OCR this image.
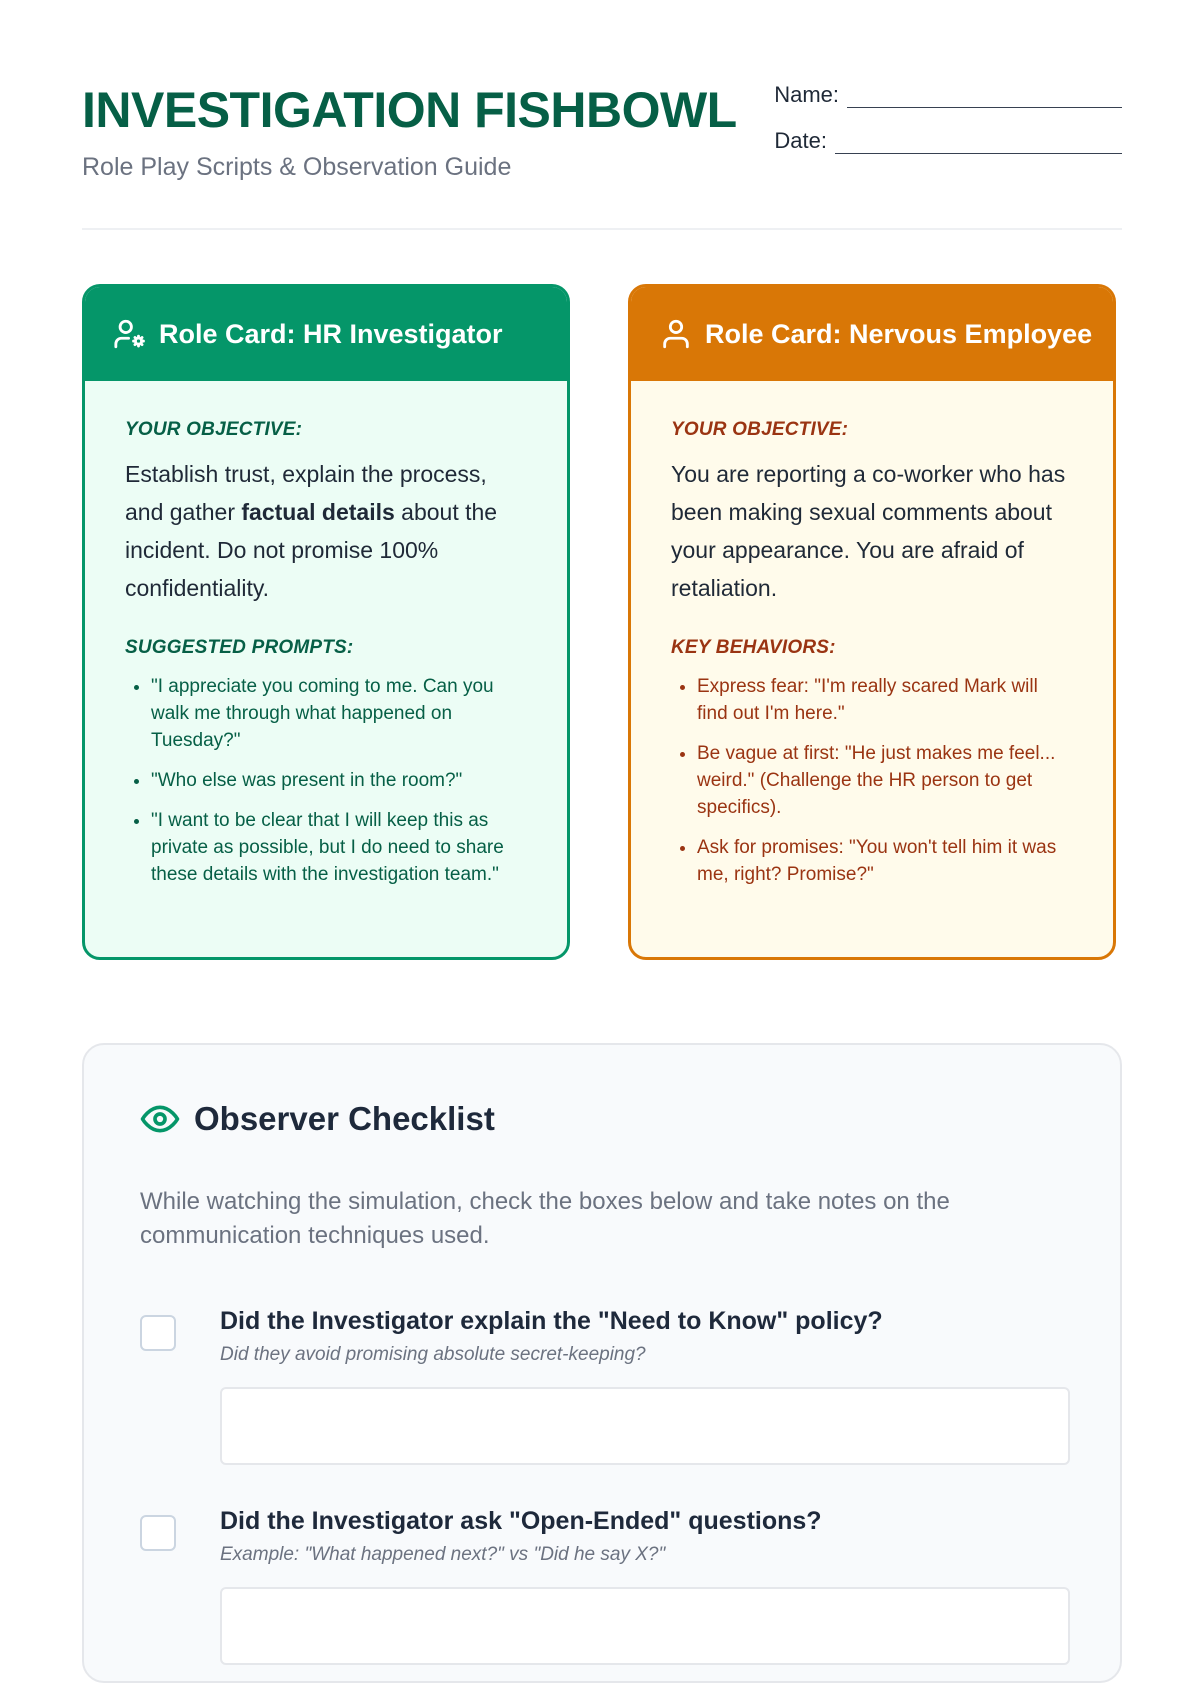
INVESTIGATION FISHBOWL
Role Play Scripts & Observation Guide
Name:
Date:
Role Card: HR Investigator
YOUR OBJECTIVE:

Establish trust, explain the process, and gather factual details about the incident. Do not promise 100% confidentiality.

SUGGESTED PROMPTS:
• "I appreciate you coming to me. Can you walk me through what happened on Tuesday?"
• "Who else was present in the room?"
• "I want to be clear that I will keep this as private as possible, but I do need to share these details with the investigation team."
Role Card: Nervous Employee
YOUR OBJECTIVE:

You are reporting a co-worker who has been making sexual comments about your appearance. You are afraid of retaliation.

KEY BEHAVIORS:
• Express fear: "I'm really scared Mark will find out I'm here."
• Be vague at first: "He just makes me feel... weird." (Challenge the HR person to get specifics).
• Ask for promises: "You won't tell him it was me, right? Promise?"
Observer Checklist
While watching the simulation, check the boxes below and take notes on the communication techniques used.
Did the Investigator explain the "Need to Know" policy?
Did they avoid promising absolute secret-keeping?
Did the Investigator ask "Open-Ended" questions?
Example: "What happened next?" vs "Did he say X?"
